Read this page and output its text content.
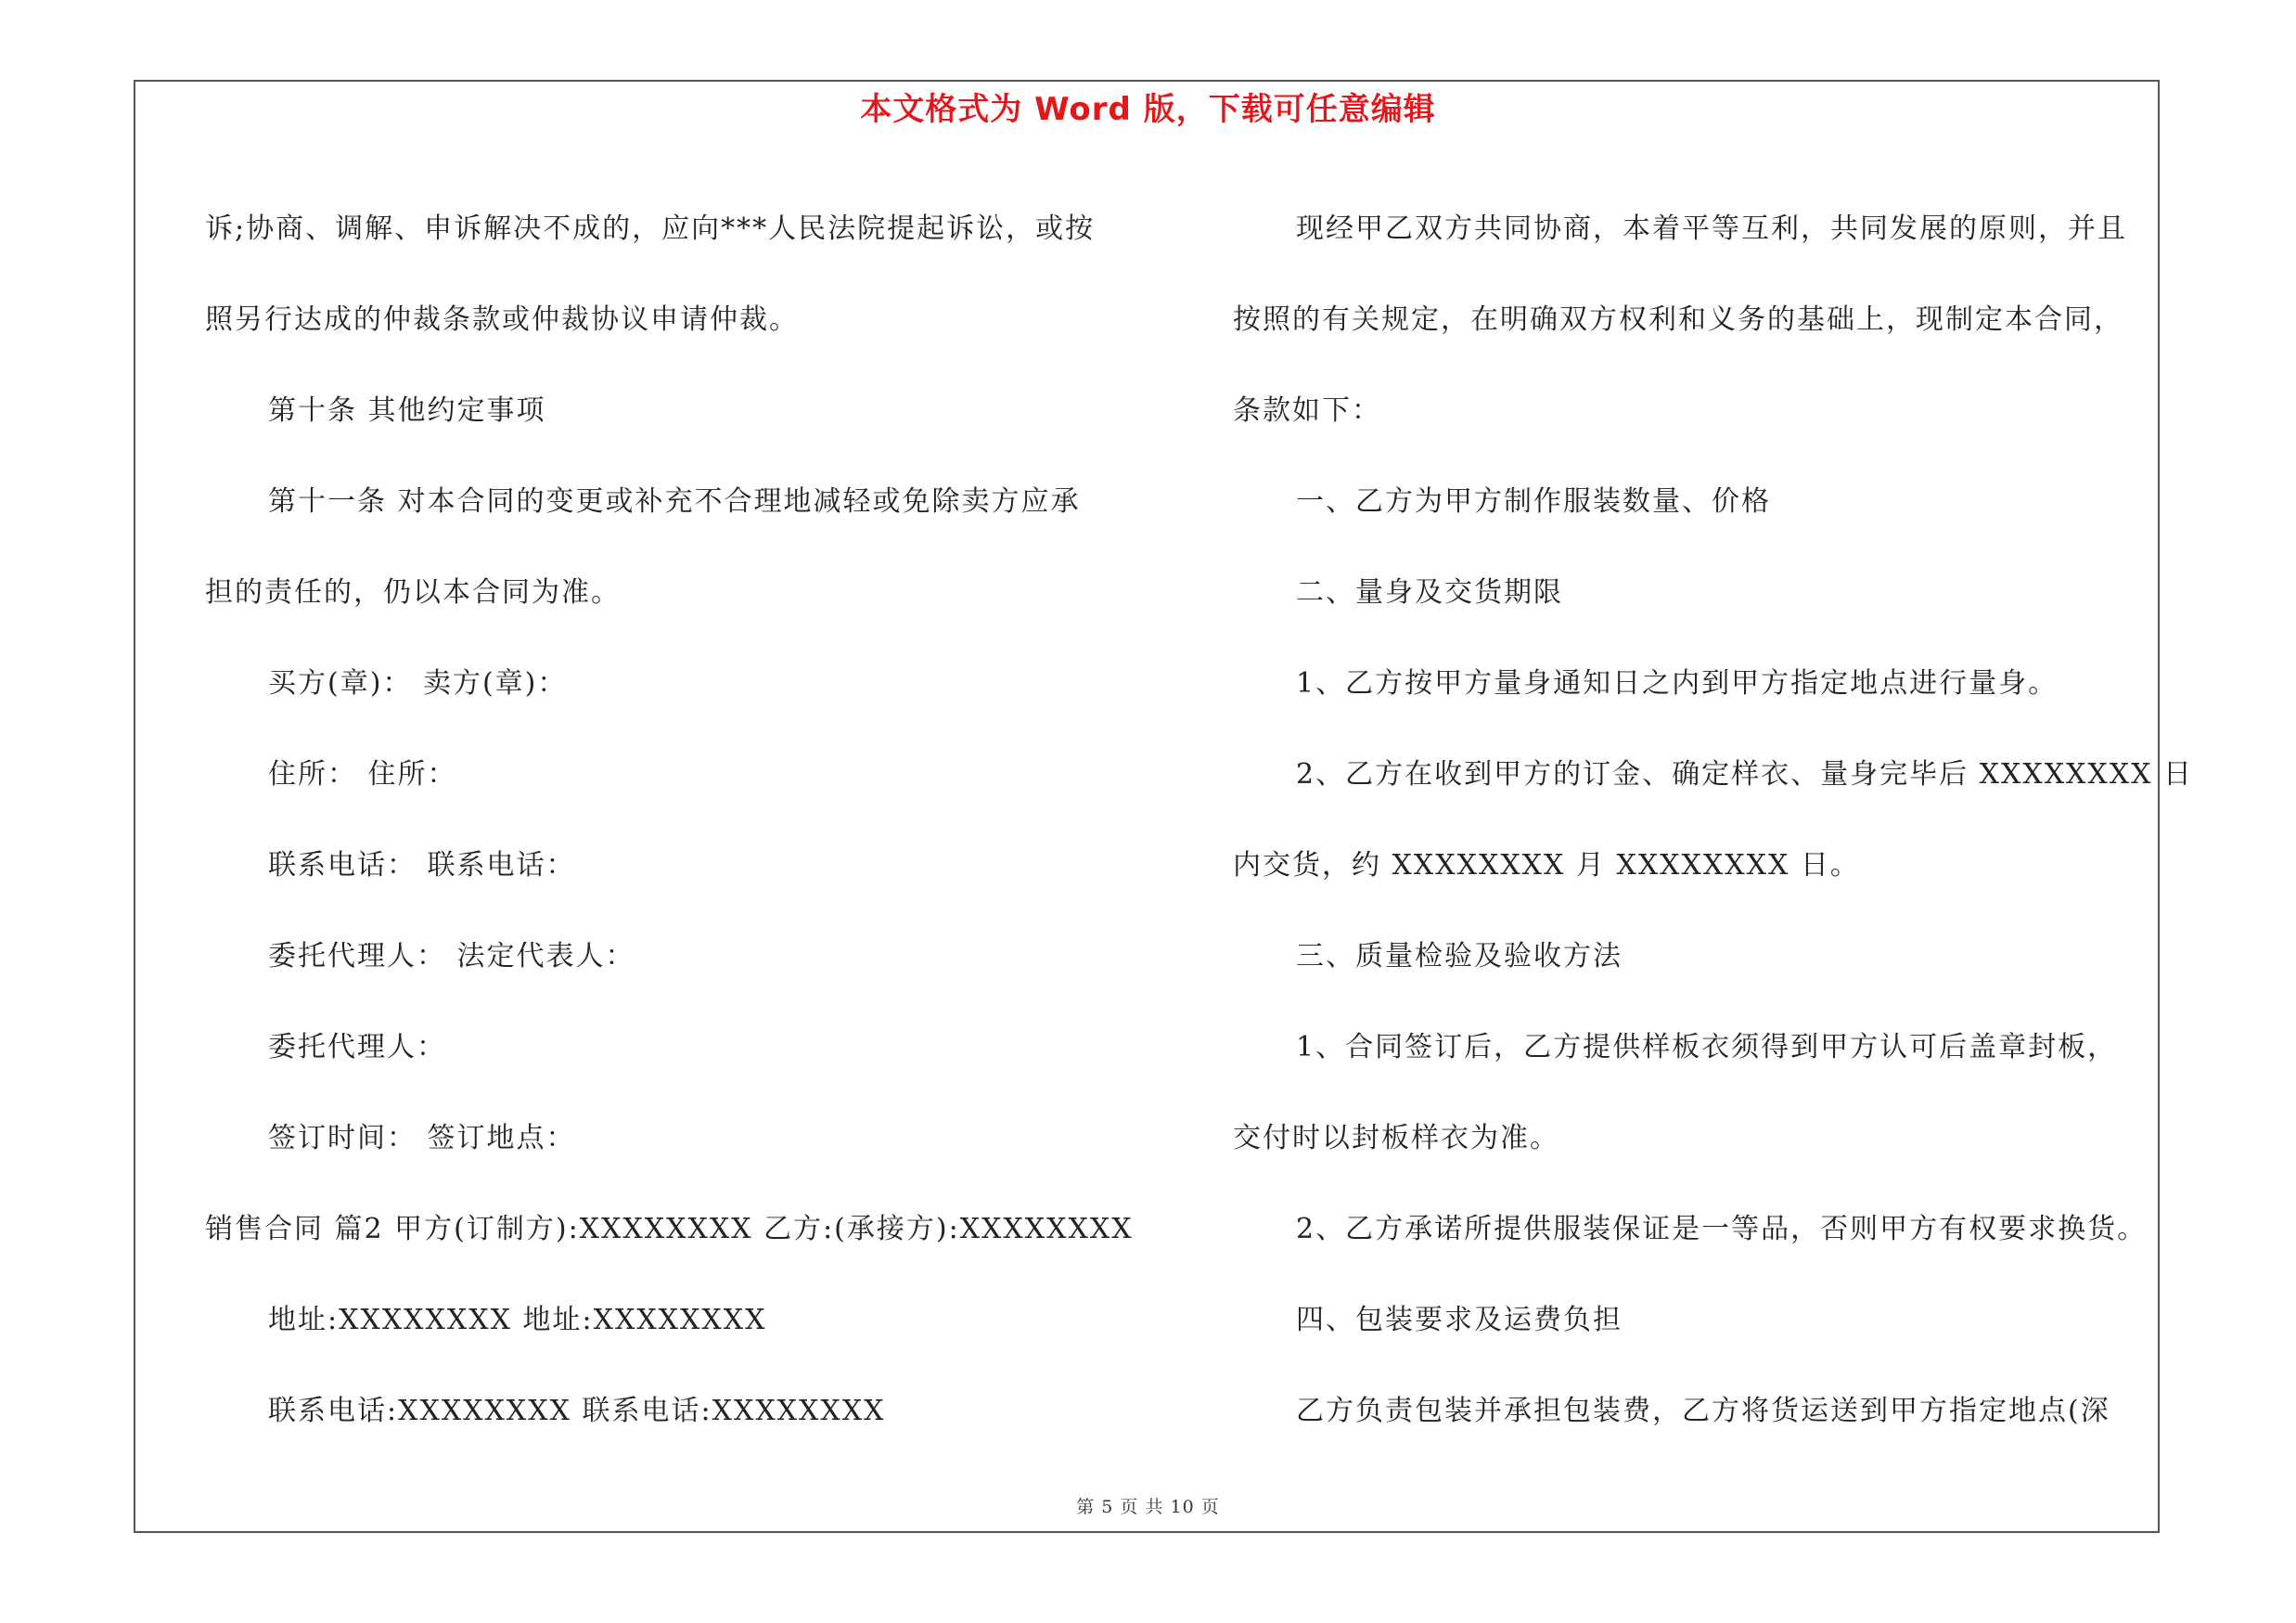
本文格式为 Word 版，下载可任意编辑
诉;协商、调解、申诉解决不成的，应向***人民法院提起诉讼，或按
照另行达成的仲裁条款或仲裁协议申请仲裁。
第十条 其他约定事项
第十一条 对本合同的变更或补充不合理地减轻或免除卖方应承
担的责任的，仍以本合同为准。
买方(章)： 卖方(章)：
住所： 住所：
联系电话： 联系电话：
委托代理人： 法定代表人：
委托代理人：
签订时间： 签订地点：
销售合同 篇2 甲方(订制方):XXXXXXXX 乙方:(承接方):XXXXXXXX
地址:XXXXXXXX 地址:XXXXXXXX
联系电话:XXXXXXXX 联系电话:XXXXXXXX
现经甲乙双方共同协商，本着平等互利，共同发展的原则，并且
按照的有关规定，在明确双方权利和义务的基础上，现制定本合同，
条款如下：
一、乙方为甲方制作服装数量、价格
二、量身及交货期限
1、乙方按甲方量身通知日之内到甲方指定地点进行量身。
2、乙方在收到甲方的订金、确定样衣、量身完毕后 XXXXXXXX 日
内交货，约 XXXXXXXX 月 XXXXXXXX 日。
三、质量检验及验收方法
1、合同签订后，乙方提供样板衣须得到甲方认可后盖章封板，
交付时以封板样衣为准。
2、乙方承诺所提供服装保证是一等品，否则甲方有权要求换货。
四、包装要求及运费负担
乙方负责包装并承担包装费，乙方将货运送到甲方指定地点(深
第 5 页 共 10 页
